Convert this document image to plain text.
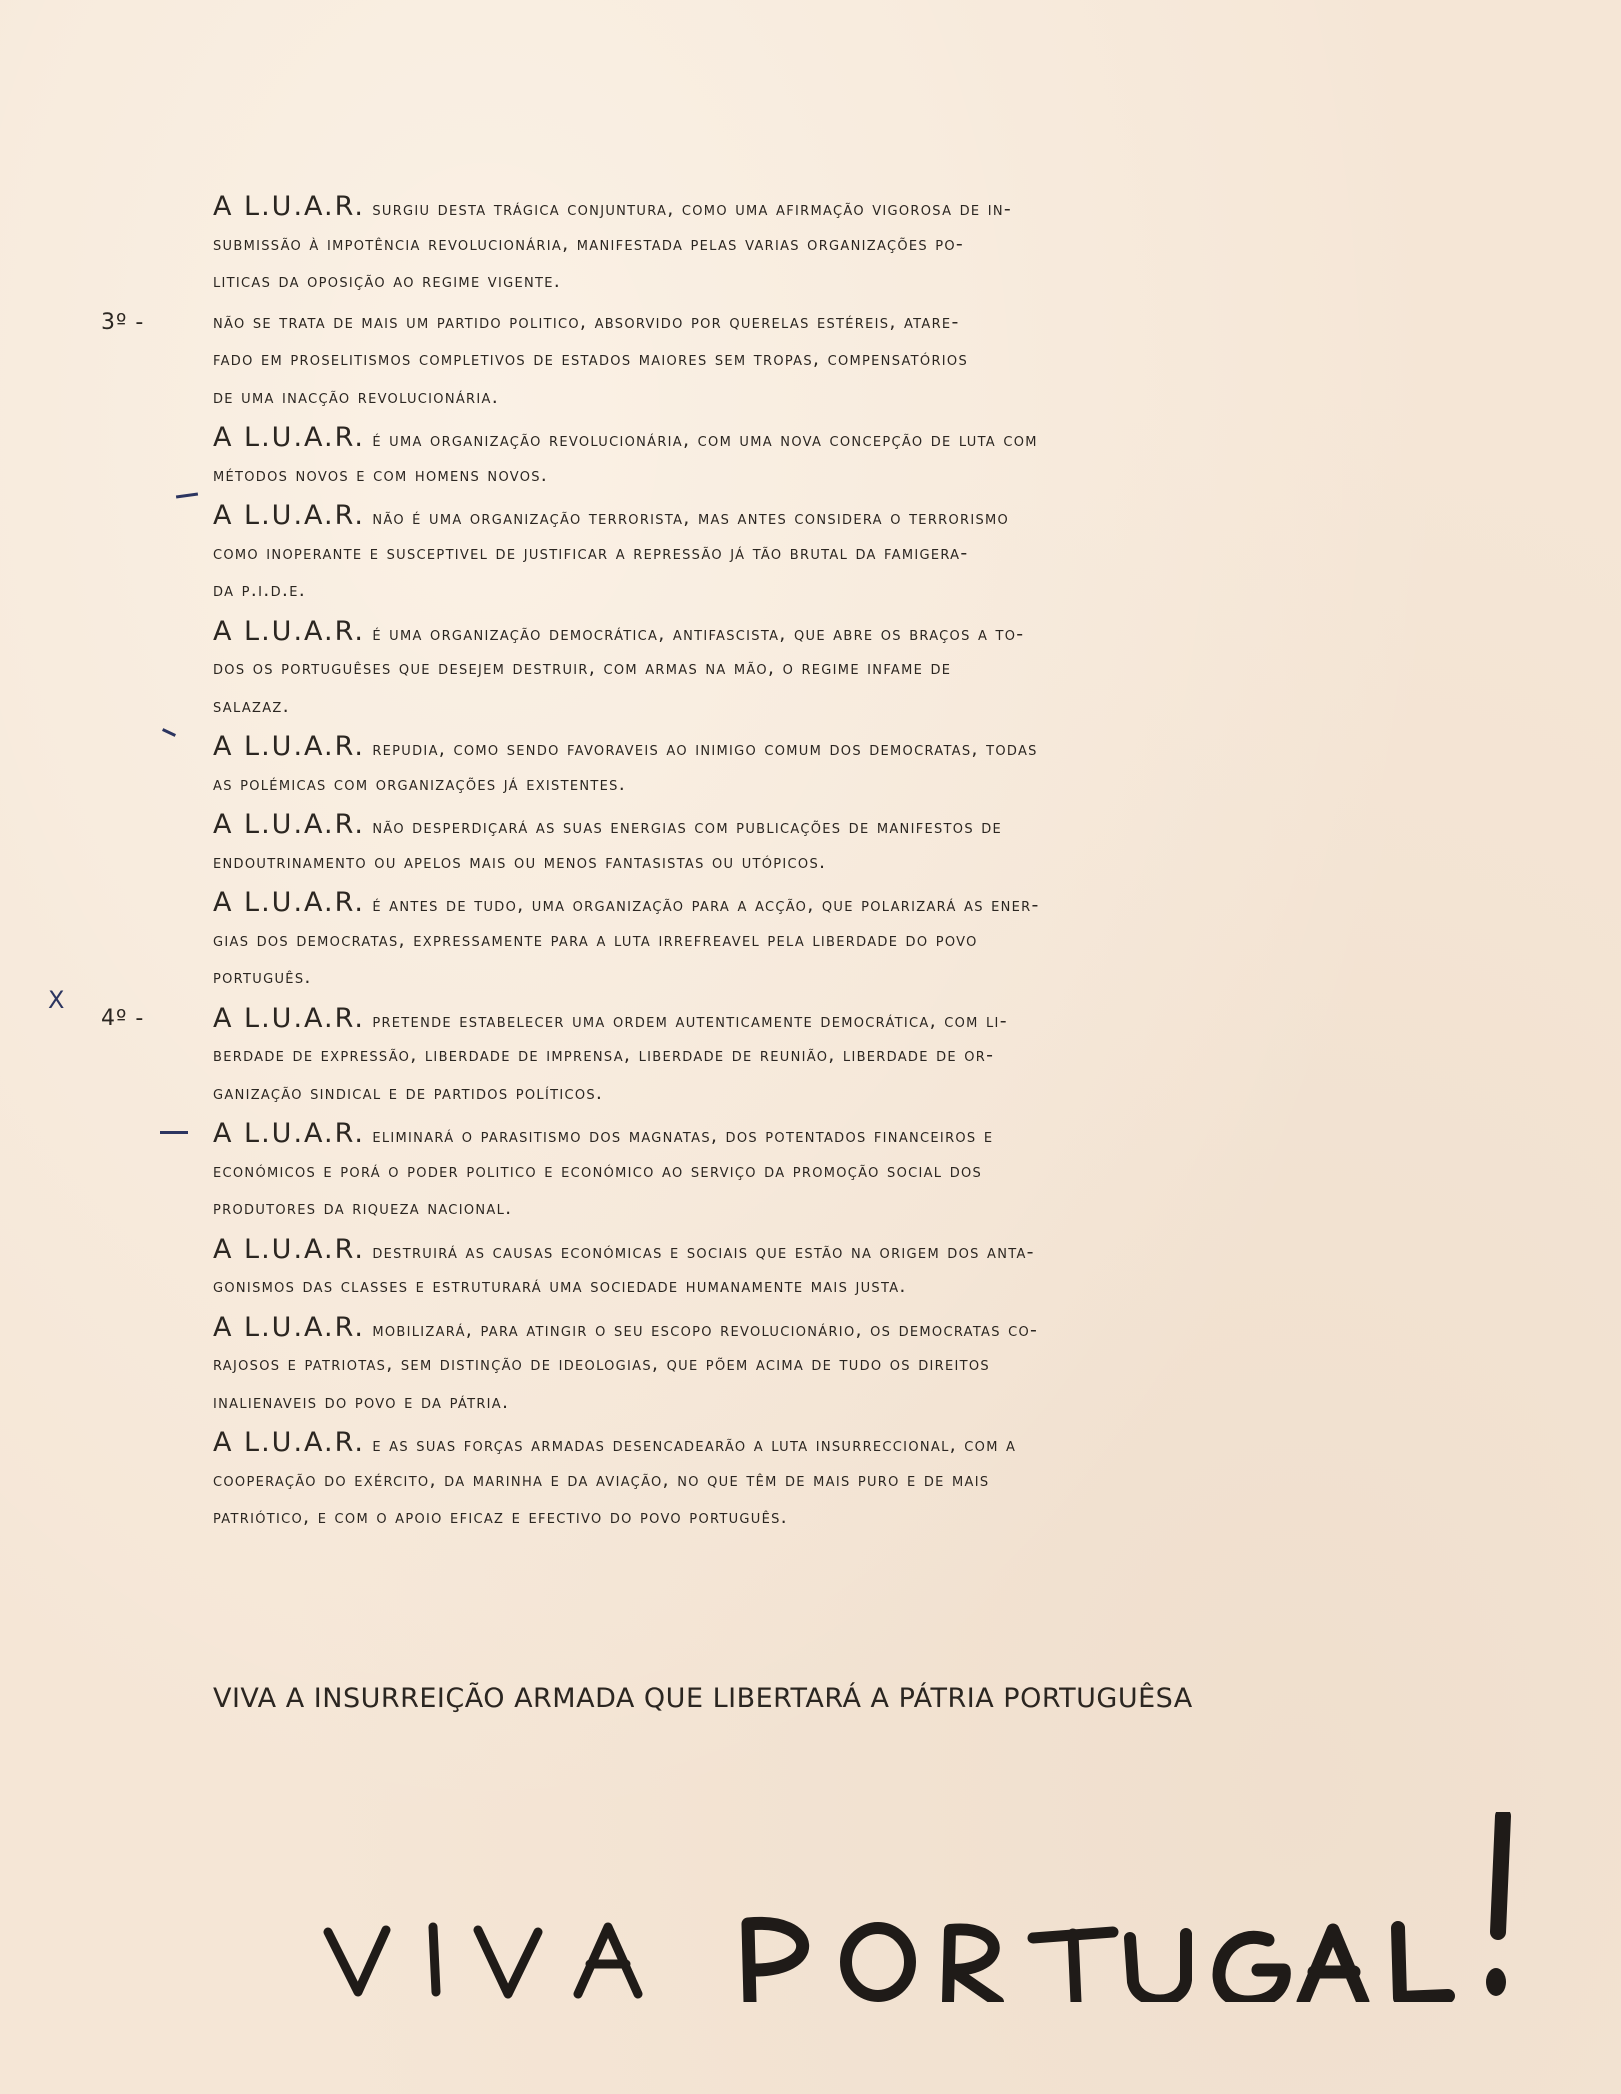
A L.U.A.R. surgiu desta trágica conjuntura, como uma afirmação vigorosa de in-
submissão à impotência revolucionária, manifestada pelas varias organizações po-
liticas da oposição ao regime vigente.
3º -	não se trata de mais um partido politico, absorvido por querelas estéreis, atare-
fado em proselitismos completivos de estados maiores sem tropas, compensatórios
de uma inacção revolucionária.
A L.U.A.R. é uma organização revolucionária, com uma nova concepção de luta com
métodos novos e com homens novos.
A L.U.A.R. não é uma organização terrorista, mas antes considera o terrorismo
como inoperante e susceptivel de justificar a repressão já tão brutal da famigera-
da p.i.d.e.
A L.U.A.R. é uma organização democrática, antifascista, que abre os braços a to-
dos os portuguêses que desejem destruir, com armas na mão, o regime infame de
salazaz.
A L.U.A.R. repudia, como sendo favoraveis ao inimigo comum dos democratas, todas
as polémicas com organizações já existentes.
A L.U.A.R. não desperdiçará as suas energias com publicações de manifestos de
endoutrinamento ou apelos mais ou menos fantasistas ou utópicos.
A L.U.A.R. é antes de tudo, uma organização para a acção, que polarizará as ener-
gias dos democratas, expressamente para a luta irrefreavel pela liberdade do povo
português.
4º -	A L.U.A.R. pretende estabelecer uma ordem autenticamente democrática, com li-
berdade de expressão, liberdade de imprensa, liberdade de reunião, liberdade de or-
ganização sindical e de partidos políticos.
A L.U.A.R. eliminará o parasitismo dos magnatas, dos potentados financeiros e
económicos e porá o poder politico e económico ao serviço da promoção social dos
produtores da riqueza nacional.
A L.U.A.R. destruirá as causas económicas e sociais que estão na origem dos anta-
gonismos das classes e estruturará uma sociedade humanamente mais justa.
A L.U.A.R. mobilizará, para atingir o seu escopo revolucionário, os democratas co-
rajosos e patriotas, sem distinção de ideologias, que põem acima de tudo os direitos
inalienaveis do povo e da pátria.
A L.U.A.R. e as suas forças armadas desencadearão a luta insurreccional, com a
cooperação do exército, da marinha e da aviação, no que têm de mais puro e de mais
patriótico, e com o apoio eficaz e efectivo do povo português.
X
VIVA A INSURREIÇÃO ARMADA QUE LIBERTARÁ A PÁTRIA PORTUGUÊSA
